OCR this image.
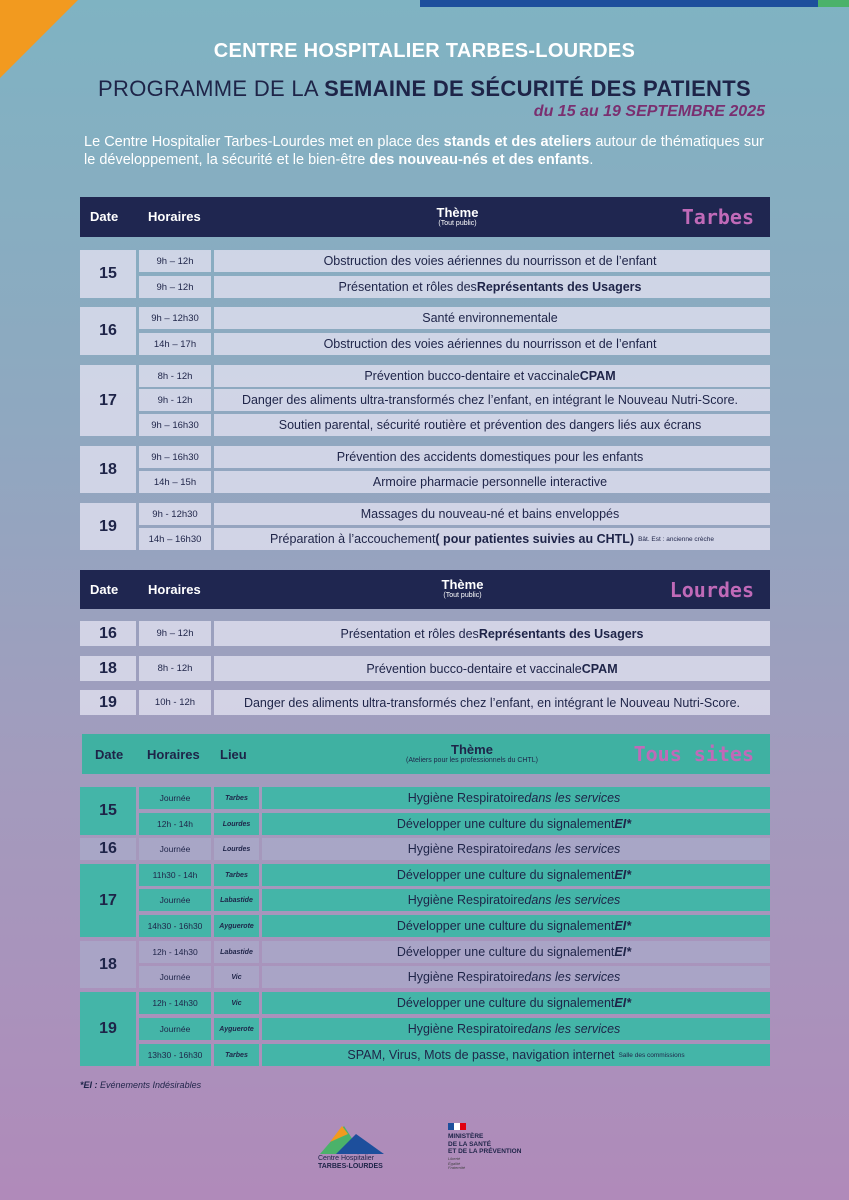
CENTRE HOSPITALIER TARBES-LOURDES
PROGRAMME DE LA SEMAINE DE SÉCURITÉ DES PATIENTS
du 15 au 19 SEPTEMBRE 2025
Le Centre Hospitalier Tarbes-Lourdes met en place des stands et des ateliers autour de thématiques sur le développement, la sécurité et le bien-être des nouveau-nés et des enfants.
Date Horaires	Thème
(Tout public)	Tarbes
15
9h – 12h	Obstruction des voies aériennes du nourrisson et de l’enfant
9h – 12h	Présentation et rôles des Représentants des Usagers
16
9h – 12h30	Santé environnementale
14h – 17h	Obstruction des voies aériennes du nourrisson et de l’enfant
17
8h - 12h	Prévention bucco-dentaire et vaccinale CPAM
9h - 12h	Danger des aliments ultra-transformés chez l’enfant, en intégrant le Nouveau Nutri-Score.
9h – 16h30	Soutien parental, sécurité routière et prévention des dangers liés aux écrans
18
9h – 16h30	Prévention des accidents domestiques pour les enfants
14h – 15h	Armoire pharmacie personnelle interactive
19
9h - 12h30	Massages du nouveau-né et bains enveloppés
14h – 16h30	Préparation à l’accouchement ( pour patientes suivies au CHTL) Bât. Est : ancienne crèche
Date Horaires	Thème
(Tout public)	Lourdes
16	9h – 12h	Présentation et rôles des Représentants des Usagers
18	8h - 12h	Prévention bucco-dentaire et vaccinale CPAM
19	10h - 12h	Danger des aliments ultra-transformés chez l’enfant, en intégrant le Nouveau Nutri-Score.
Date Horaires Lieu	Thème
(Ateliers pour les professionnels du CHTL)	Tous sites
15
Journée	Tarbes	Hygiène Respiratoire dans les services
12h - 14h	Lourdes	Développer une culture du signalement EI*
16	Journée	Lourdes	Hygiène Respiratoire dans les services
17
11h30 - 14h	Tarbes	Développer une culture du signalement EI*
Journée	Labastide	Hygiène Respiratoire dans les services
14h30 - 16h30	Ayguerote	Développer une culture du signalement EI*
18
12h - 14h30	Labastide	Développer une culture du signalement EI*
Journée	Vic	Hygiène Respiratoire dans les services
19
12h - 14h30	Vic	Développer une culture du signalement EI*
Journée	Ayguerote	Hygiène Respiratoire dans les services
13h30 - 16h30	Tarbes	SPAM, Virus, Mots de passe, navigation internet Salle des commissions
*EI : Evénements Indésirables
Centre Hospitalier
TARBES-LOURDES
MINISTÈRE
DE LA SANTÉ
ET DE LA PRÉVENTION
Liberté
Égalité
Fraternité
